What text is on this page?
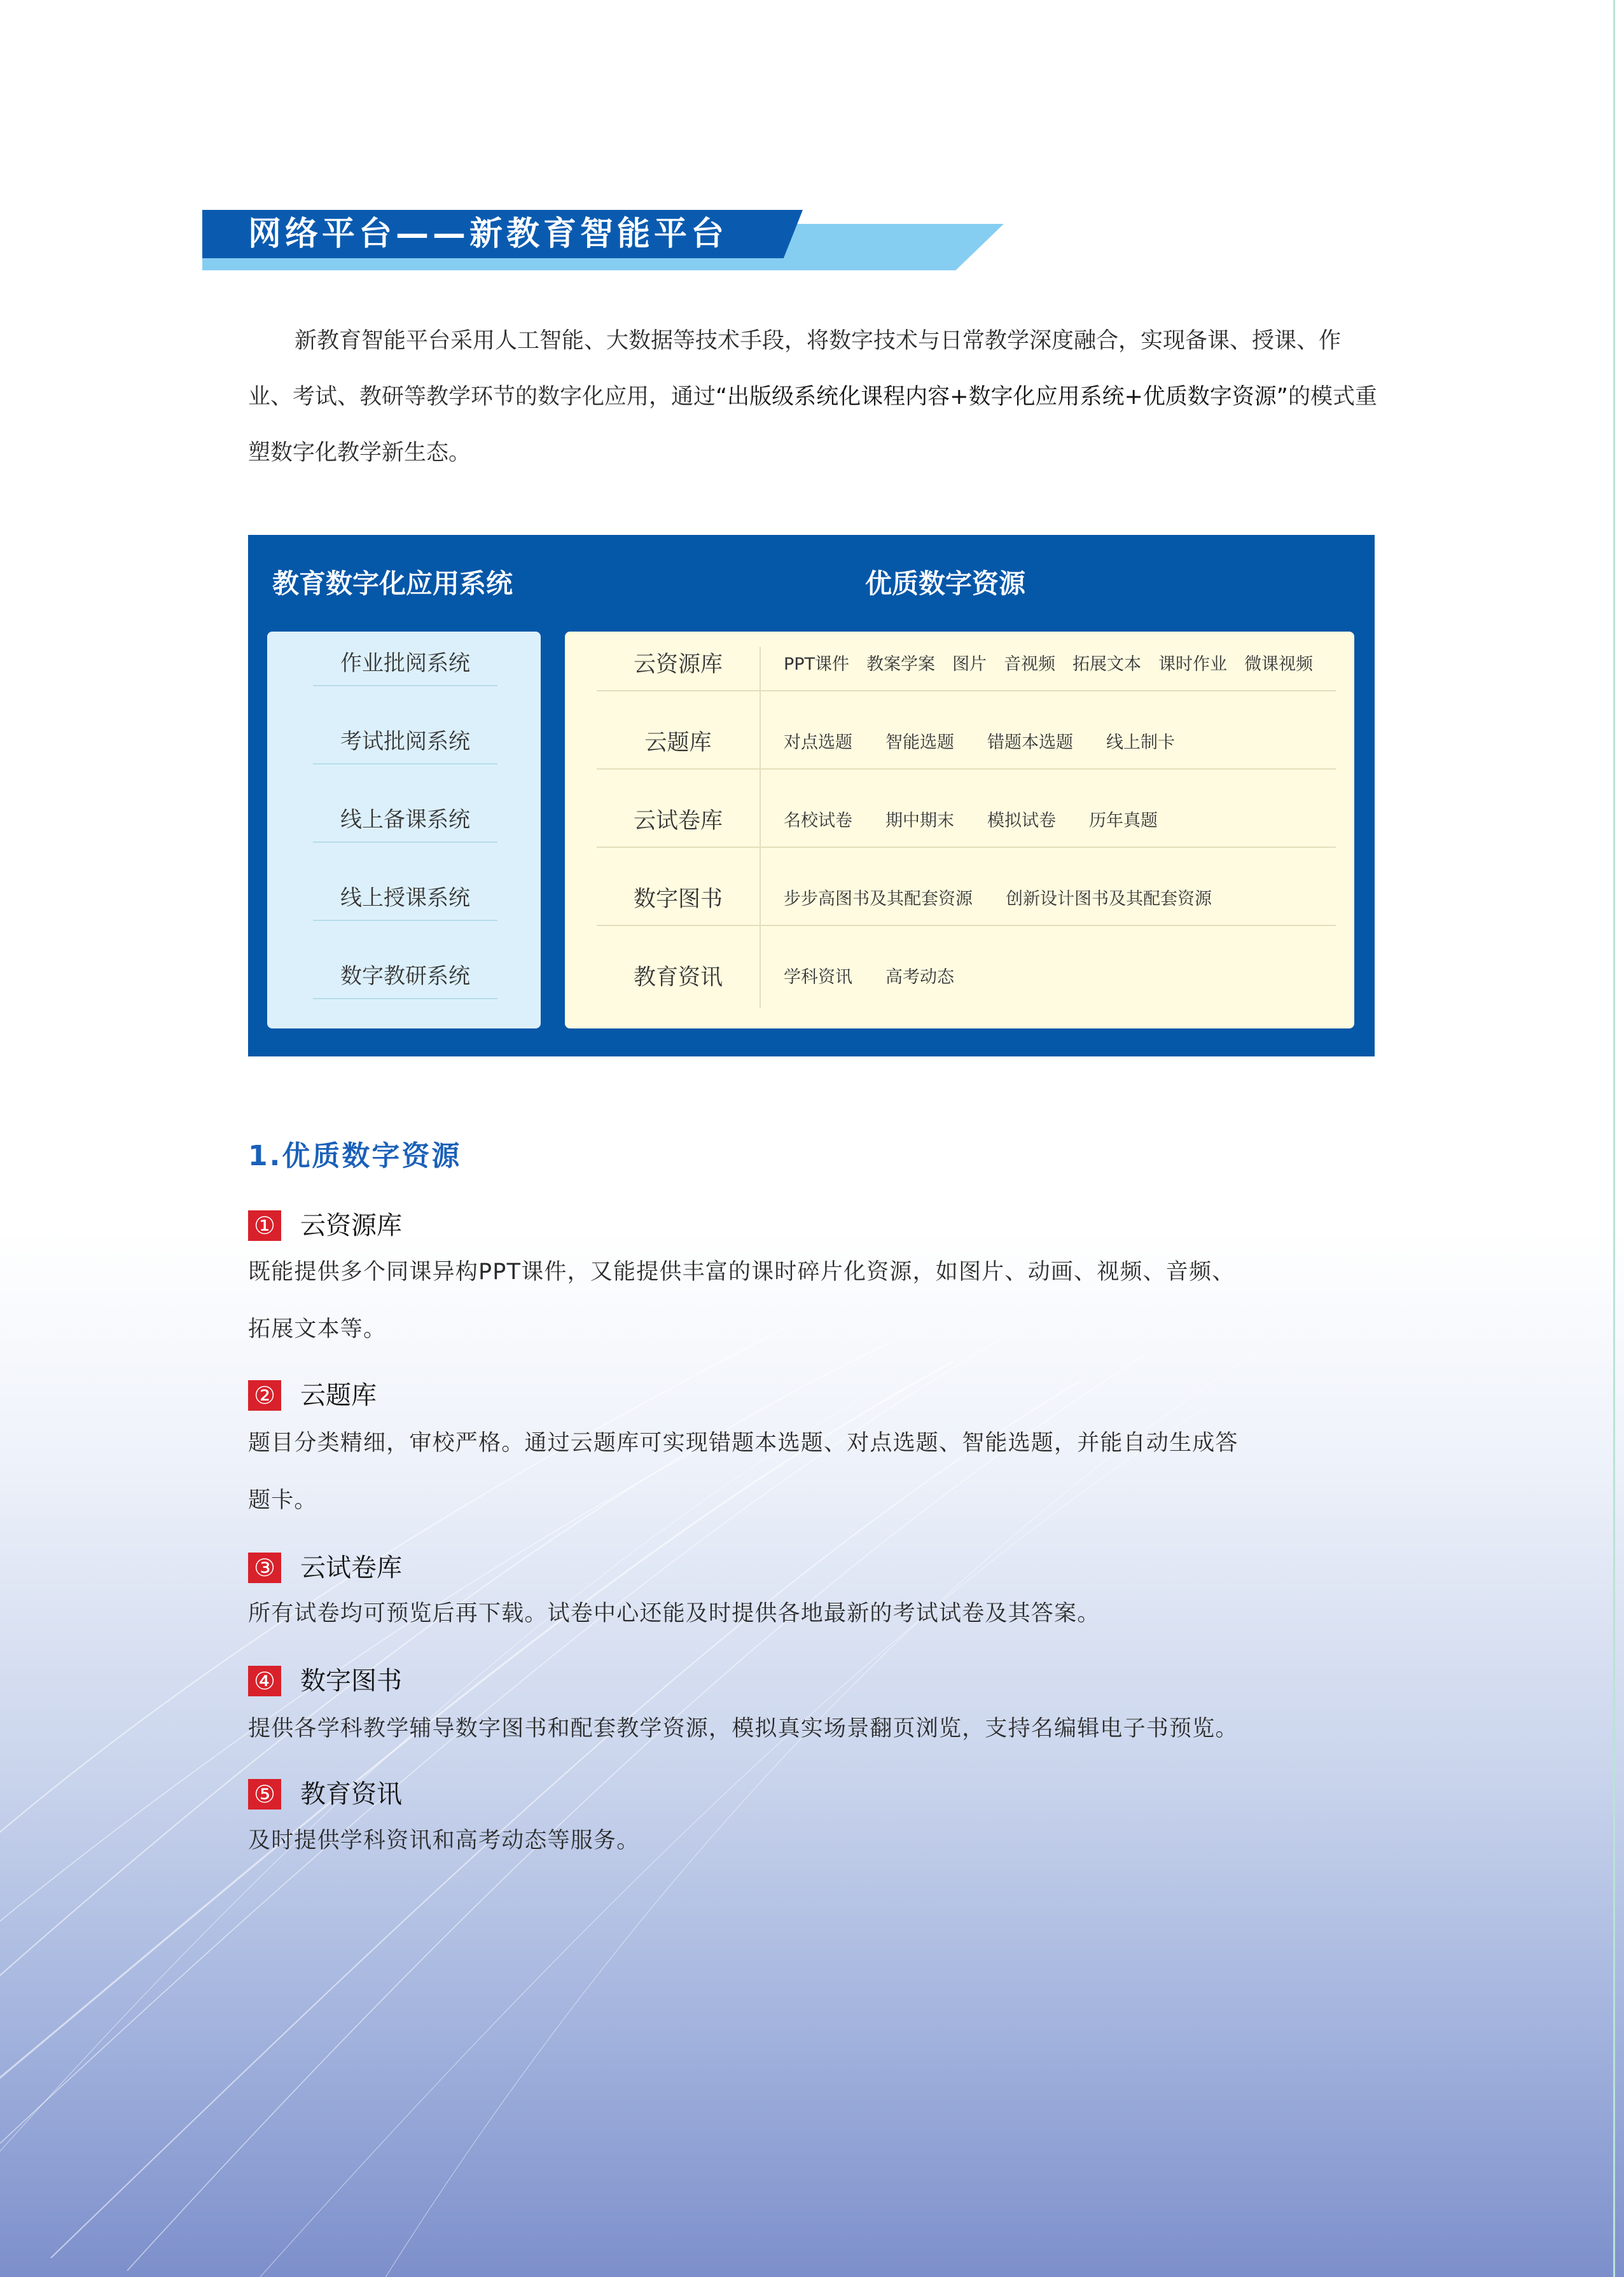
网络平台——新教育智能平台

新教育智能平台采用人工智能、大数据等技术手段，将数字技术与日常教学深度融合，实现备课、授课、作业、考试、教研等教学环节的数字化应用，通过“出版级系统化课程内容+数字化应用系统+优质数字资源”的模式重塑数字化教学新生态。

教育数字化应用系统	优质数字资源
作业批阅系统
考试批阅系统
线上备课系统
线上授课系统
数字教研系统
云资源库	PPT课件 教案学案 图片 音视频 拓展文本 课时作业 微课视频
云题库	对点选题 智能选题 错题本选题 线上制卡
云试卷库	名校试卷 期中期末 模拟试卷 历年真题
数字图书	步步高图书及其配套资源 创新设计图书及其配套资源
教育资讯	学科资讯 高考动态
1.优质数字资源
① 云资源库

既能提供多个同课异构PPT课件，又能提供丰富的课时碎片化资源，如图片、动画、视频、音频、

拓展文本等。

② 云题库

题目分类精细，审校严格。通过云题库可实现错题本选题、对点选题、智能选题，并能自动生成答

题卡。

③ 云试卷库

所有试卷均可预览后再下载。试卷中心还能及时提供各地最新的考试试卷及其答案。

④ 数字图书

提供各学科教学辅导数字图书和配套教学资源，模拟真实场景翻页浏览，支持名编辑电子书预览。

⑤ 教育资讯

及时提供学科资讯和高考动态等服务。
